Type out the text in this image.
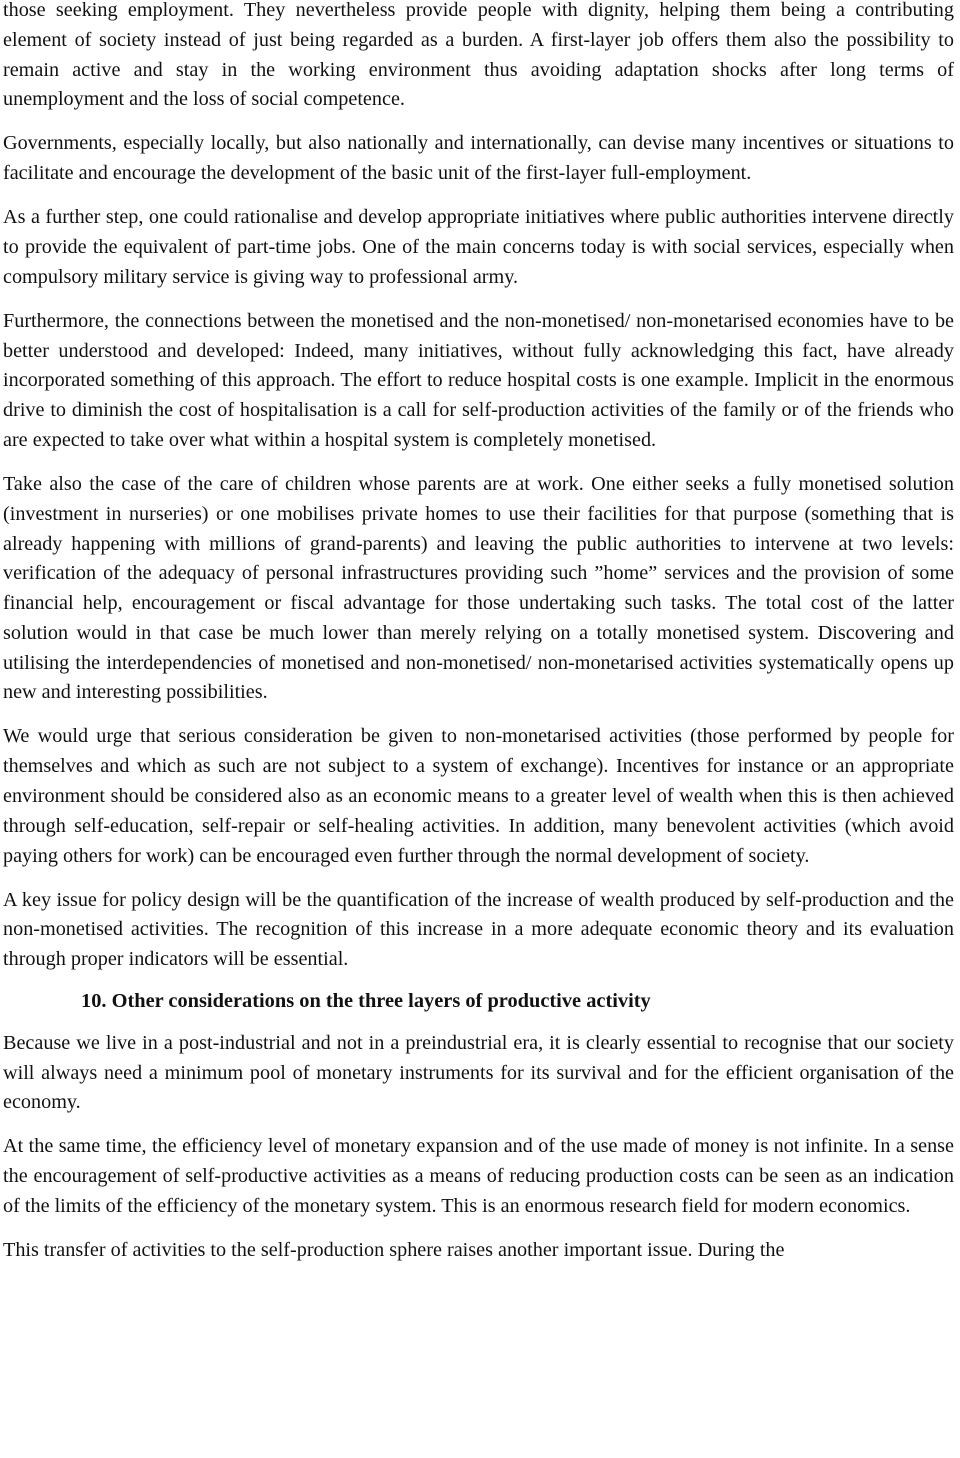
those seeking employment. They nevertheless provide people with dignity, helping them being a contributing element of society instead of just being regarded as a burden. A first-layer job offers them also the possibility to remain active and stay in the working environment thus avoiding adaptation shocks after long terms of unemployment and the loss of social competence.

Governments, especially locally, but also nationally and internationally, can devise many incentives or situations to facilitate and encourage the development of the basic unit of the first-layer full-employment.

As a further step, one could rationalise and develop appropriate initiatives where public authorities intervene directly to provide the equivalent of part-time jobs. One of the main concerns today is with social services, especially when compulsory military service is giving way to professional army.

Furthermore, the connections between the monetised and the non-monetised/ non-monetarised economies have to be better understood and developed: Indeed, many initiatives, without fully acknowledging this fact, have already incorporated something of this approach. The effort to reduce hospital costs is one example. Implicit in the enormous drive to diminish the cost of hospitalisation is a call for self-production activities of the family or of the friends who are expected to take over what within a hospital system is completely monetised.

Take also the case of the care of children whose parents are at work. One either seeks a fully monetised solution (investment in nurseries) or one mobilises private homes to use their facilities for that purpose (something that is already happening with millions of grand-parents) and leaving the public authorities to intervene at two levels: verification of the adequacy of personal infrastructures providing such ”home” services and the provision of some financial help, encouragement or fiscal advantage for those undertaking such tasks. The total cost of the latter solution would in that case be much lower than merely relying on a totally monetised system. Discovering and utilising the interdependencies of monetised and non-monetised/ non-monetarised activities systematically opens up new and interesting possibilities.

We would urge that serious consideration be given to non-monetarised activities (those performed by people for themselves and which as such are not subject to a system of exchange). Incentives for instance or an appropriate environment should be considered also as an economic means to a greater level of wealth when this is then achieved through self-education, self-repair or self-healing activities. In addition, many benevolent activities (which avoid paying others for work) can be encouraged even further through the normal development of society.

A key issue for policy design will be the quantification of the increase of wealth produced by self-production and the non-monetised activities. The recognition of this increase in a more adequate economic theory and its evaluation through proper indicators will be essential.

10. Other considerations on the three layers of productive activity

Because we live in a post-industrial and not in a preindustrial era, it is clearly essential to recognise that our society will always need a minimum pool of monetary instruments for its survival and for the efficient organisation of the economy.

At the same time, the efficiency level of monetary expansion and of the use made of money is not infinite. In a sense the encouragement of self-productive activities as a means of reducing production costs can be seen as an indication of the limits of the efficiency of the monetary system. This is an enormous research field for modern economics.

This transfer of activities to the self-production sphere raises another important issue. During the
